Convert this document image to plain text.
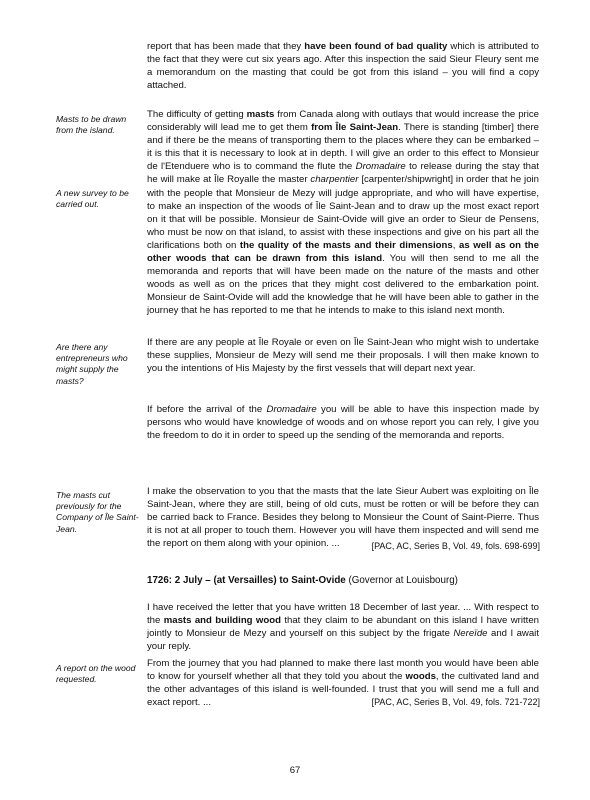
report that has been made that they have been found of bad quality which is attributed to the fact that they were cut six years ago. After this inspection the said Sieur Fleury sent me a memorandum on the masting that could be got from this island – you will find a copy attached.

Masts to be drawn from the island.

A new survey to be carried out.

The difficulty of getting masts from Canada along with outlays that would increase the price considerably will lead me to get them from Île Saint-Jean. There is standing [timber] there and if there be the means of transporting them to the places where they can be embarked – it is this that it is necessary to look at in depth. I will give an order to this effect to Monsieur de l'Etenduere who is to command the flute the Dromadaire to release during the stay that he will make at Île Royalle the master charpentier [carpenter/shipwright] in order that he join with the people that Monsieur de Mezy will judge appropriate, and who will have expertise, to make an inspection of the woods of Île Saint-Jean and to draw up the most exact report on it that will be possible. Monsieur de Saint-Ovide will give an order to Sieur de Pensens, who must be now on that island, to assist with these inspections and give on his part all the clarifications both on the quality of the masts and their dimensions, as well as on the other woods that can be drawn from this island. You will then send to me all the memoranda and reports that will have been made on the nature of the masts and other woods as well as on the prices that they might cost delivered to the embarkation point. Monsieur de Saint-Ovide will add the knowledge that he will have been able to gather in the journey that he has reported to me that he intends to make to this island next month.

Are there any entrepreneurs who might supply the masts?

If there are any people at Île Royale or even on Île Saint-Jean who might wish to undertake these supplies, Monsieur de Mezy will send me their proposals. I will then make known to you the intentions of His Majesty by the first vessels that will depart next year.

If before the arrival of the Dromadaire you will be able to have this inspection made by persons who would have knowledge of woods and on whose report you can rely, I give you the freedom to do it in order to speed up the sending of the memoranda and reports.

The masts cut previously for the Company of Île Saint-Jean.

I make the observation to you that the masts that the late Sieur Aubert was exploiting on Île Saint-Jean, where they are still, being of old cuts, must be rotten or will be before they can be carried back to France. Besides they belong to Monsieur the Count of Saint-Pierre. Thus it is not at all proper to touch them. However you will have them inspected and will send me the report on them along with your opinion. ...	[PAC, AC, Series B, Vol. 49, fols. 698-699]

1726: 2 July – (at Versailles) to Saint-Ovide (Governor at Louisbourg)

I have received the letter that you have written 18 December of last year. ... With respect to the masts and building wood that they claim to be abundant on this island I have written jointly to Monsieur de Mezy and yourself on this subject by the frigate Nereïde and I await your reply.

A report on the wood requested.

From the journey that you had planned to make there last month you would have been able to know for yourself whether all that they told you about the woods, the cultivated land and the other advantages of this island is well-founded. I trust that you will send me a full and exact report. ...	[PAC, AC, Series B, Vol. 49, fols. 721-722]

67
